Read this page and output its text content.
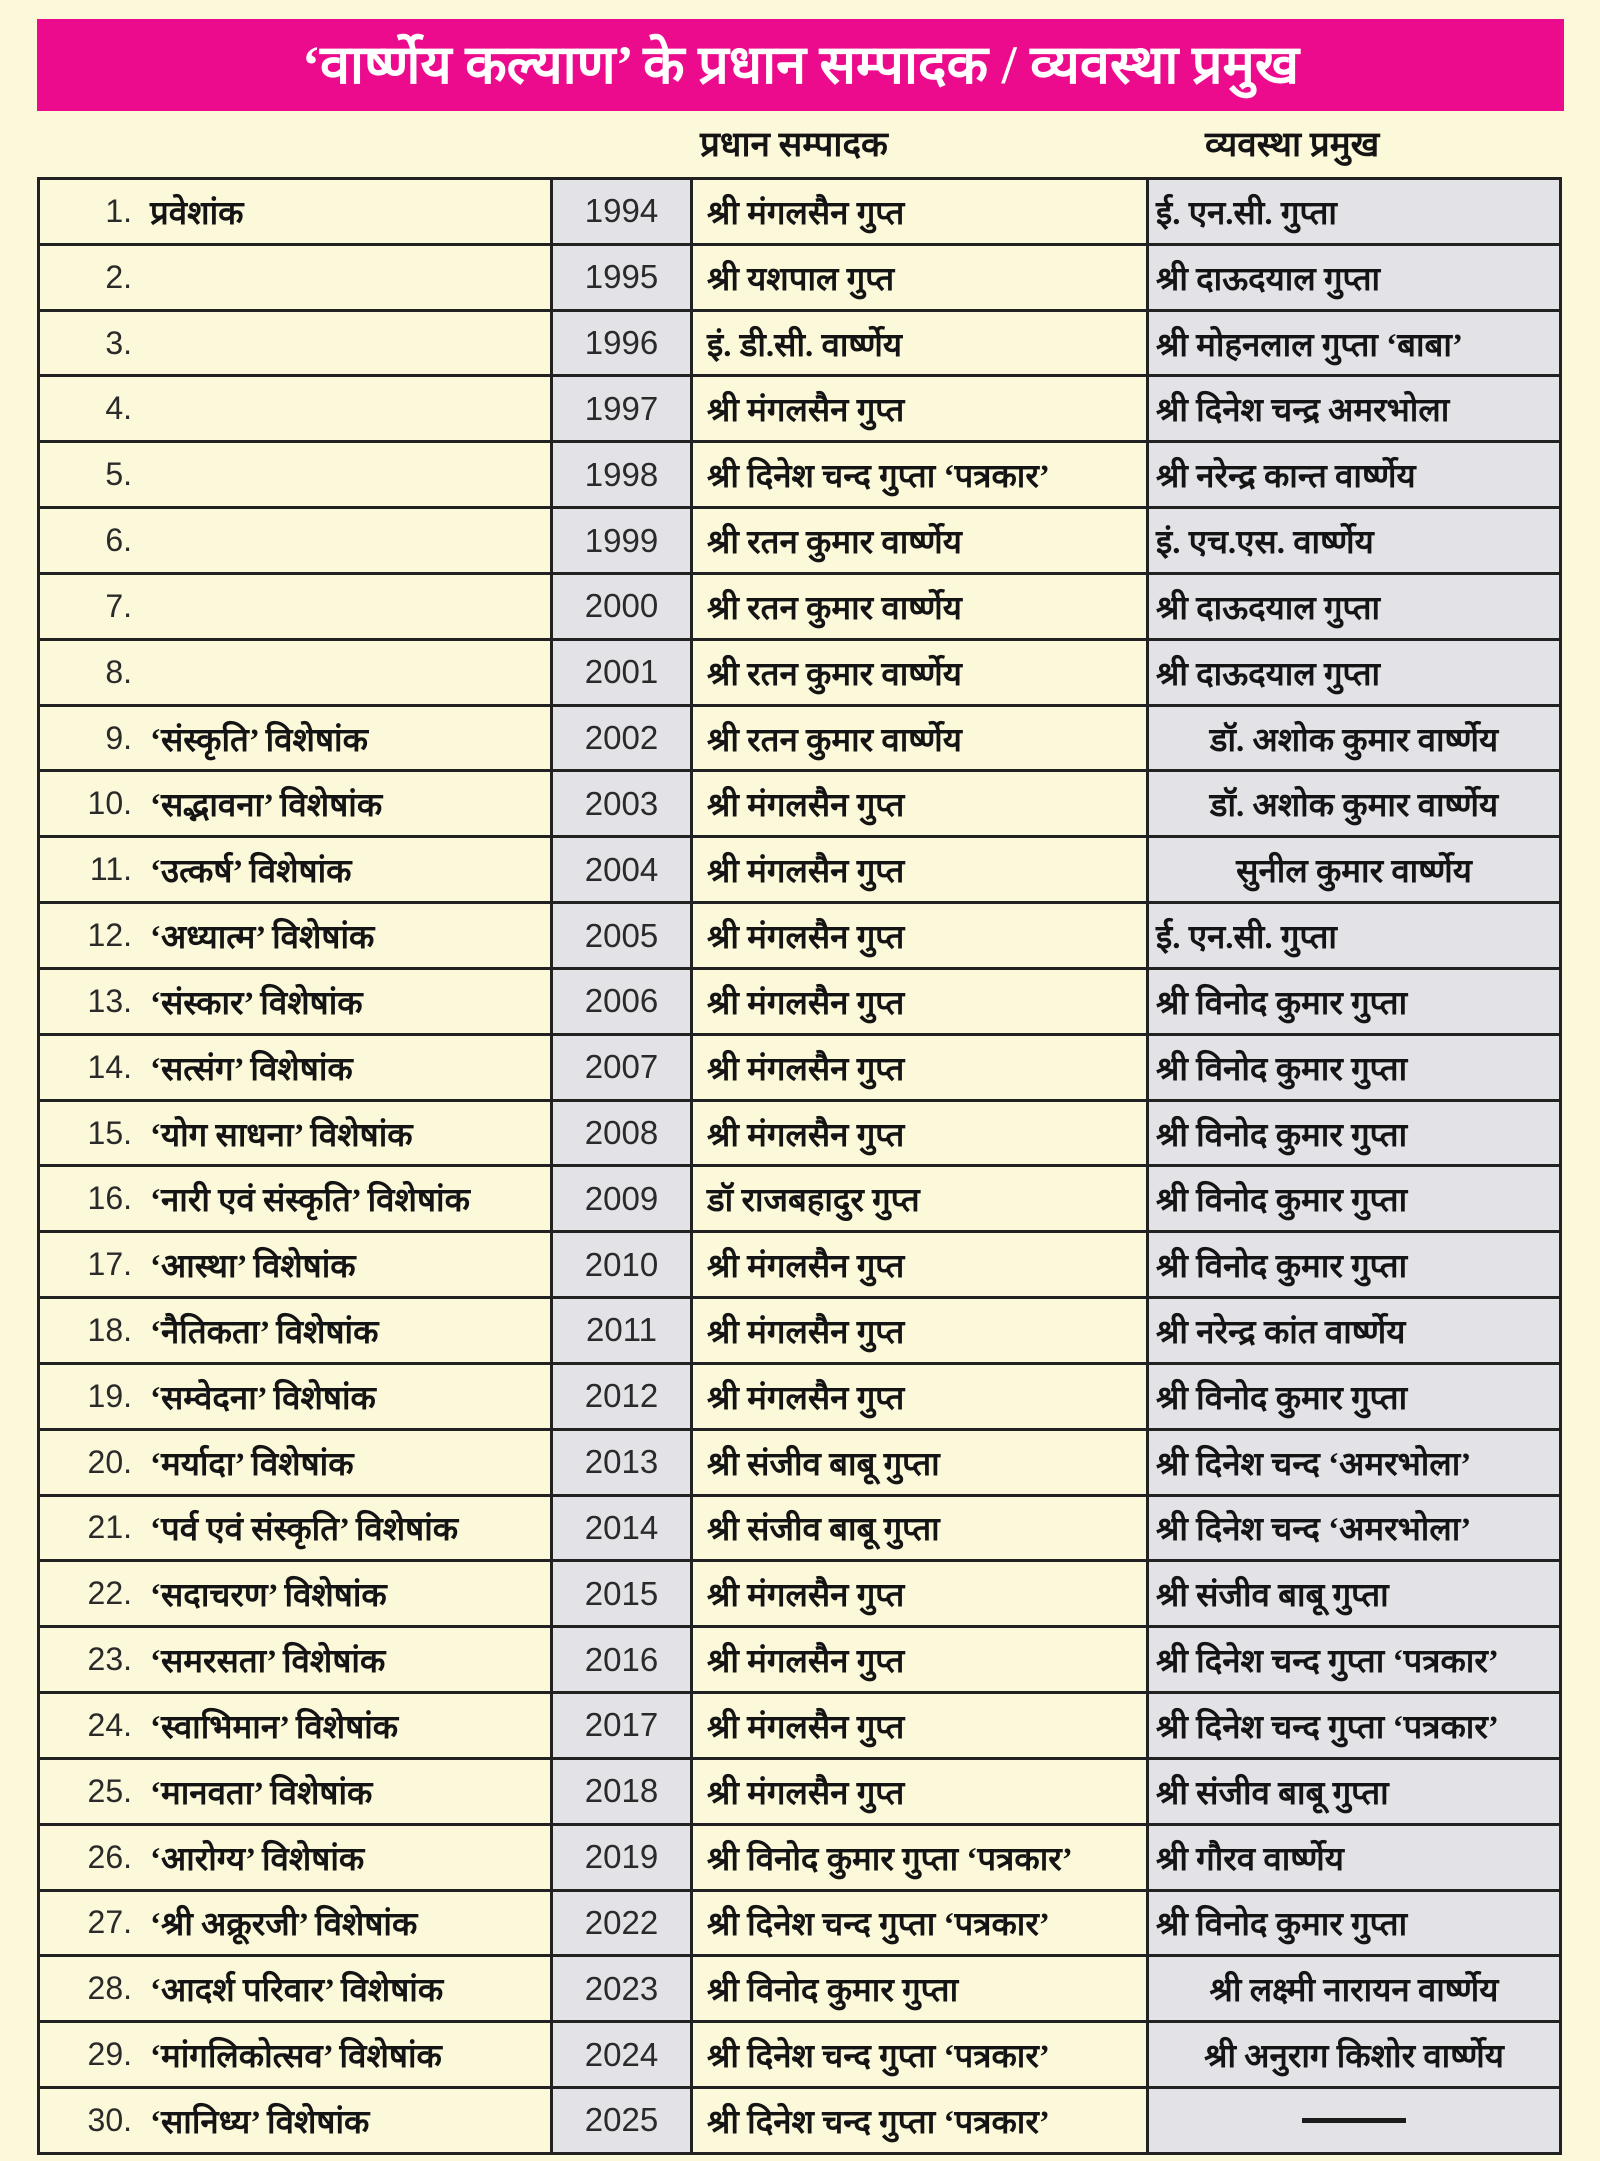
‘वार्ष्णेय कल्याण’ के प्रधान सम्पादक / व्यवस्था प्रमुख
प्रधान सम्पादक	व्यवस्था प्रमुख
1. प्रवेशांक	1994	श्री मंगलसैन गुप्त	ई. एन.सी. गुप्ता
2.	1995	श्री यशपाल गुप्त	श्री दाऊदयाल गुप्ता
3.	1996	इं. डी.सी. वार्ष्णेय	श्री मोहनलाल गुप्ता ‘बाबा’
4.	1997	श्री मंगलसैन गुप्त	श्री दिनेश चन्द्र अमरभोला
5.	1998	श्री दिनेश चन्द गुप्ता ‘पत्रकार’	श्री नरेन्द्र कान्त वार्ष्णेय
6.	1999	श्री रतन कुमार वार्ष्णेय	इं. एच.एस. वार्ष्णेय
7.	2000	श्री रतन कुमार वार्ष्णेय	श्री दाऊदयाल गुप्ता
8.	2001	श्री रतन कुमार वार्ष्णेय	श्री दाऊदयाल गुप्ता
9. ‘संस्कृति’ विशेषांक	2002	श्री रतन कुमार वार्ष्णेय	डॉ. अशोक कुमार वार्ष्णेय
10. ‘सद्भावना’ विशेषांक	2003	श्री मंगलसैन गुप्त	डॉ. अशोक कुमार वार्ष्णेय
11. ‘उत्कर्ष’ विशेषांक	2004	श्री मंगलसैन गुप्त	सुनील कुमार वार्ष्णेय
12. ‘अध्यात्म’ विशेषांक	2005	श्री मंगलसैन गुप्त	ई. एन.सी. गुप्ता
13. ‘संस्कार’ विशेषांक	2006	श्री मंगलसैन गुप्त	श्री विनोद कुमार गुप्ता
14. ‘सत्संग’ विशेषांक	2007	श्री मंगलसैन गुप्त	श्री विनोद कुमार गुप्ता
15. ‘योग साधना’ विशेषांक	2008	श्री मंगलसैन गुप्त	श्री विनोद कुमार गुप्ता
16. ‘नारी एवं संस्कृति’ विशेषांक	2009	डॉ राजबहादुर गुप्त	श्री विनोद कुमार गुप्ता
17. ‘आस्था’ विशेषांक	2010	श्री मंगलसैन गुप्त	श्री विनोद कुमार गुप्ता
18. ‘नैतिकता’ विशेषांक	2011	श्री मंगलसैन गुप्त	श्री नरेन्द्र कांत वार्ष्णेय
19. ‘सम्वेदना’ विशेषांक	2012	श्री मंगलसैन गुप्त	श्री विनोद कुमार गुप्ता
20. ‘मर्यादा’ विशेषांक	2013	श्री संजीव बाबू गुप्ता	श्री दिनेश चन्द ‘अमरभोला’
21. ‘पर्व एवं संस्कृति’ विशेषांक	2014	श्री संजीव बाबू गुप्ता	श्री दिनेश चन्द ‘अमरभोला’
22. ‘सदाचरण’ विशेषांक	2015	श्री मंगलसैन गुप्त	श्री संजीव बाबू गुप्ता
23. ‘समरसता’ विशेषांक	2016	श्री मंगलसैन गुप्त	श्री दिनेश चन्द गुप्ता ‘पत्रकार’
24. ‘स्वाभिमान’ विशेषांक	2017	श्री मंगलसैन गुप्त	श्री दिनेश चन्द गुप्ता ‘पत्रकार’
25. ‘मानवता’ विशेषांक	2018	श्री मंगलसैन गुप्त	श्री संजीव बाबू गुप्ता
26. ‘आरोग्य’ विशेषांक	2019	श्री विनोद कुमार गुप्ता ‘पत्रकार’	श्री गौरव वार्ष्णेय
27. ‘श्री अक्रूरजी’ विशेषांक	2022	श्री दिनेश चन्द गुप्ता ‘पत्रकार’	श्री विनोद कुमार गुप्ता
28. ‘आदर्श परिवार’ विशेषांक	2023	श्री विनोद कुमार गुप्ता	श्री लक्ष्मी नारायन वार्ष्णेय
29. ‘मांगलिकोत्सव’ विशेषांक	2024	श्री दिनेश चन्द गुप्ता ‘पत्रकार’	श्री अनुराग किशोर वार्ष्णेय
30. ‘सानिध्य’ विशेषांक	2025	श्री दिनेश चन्द गुप्ता ‘पत्रकार’
